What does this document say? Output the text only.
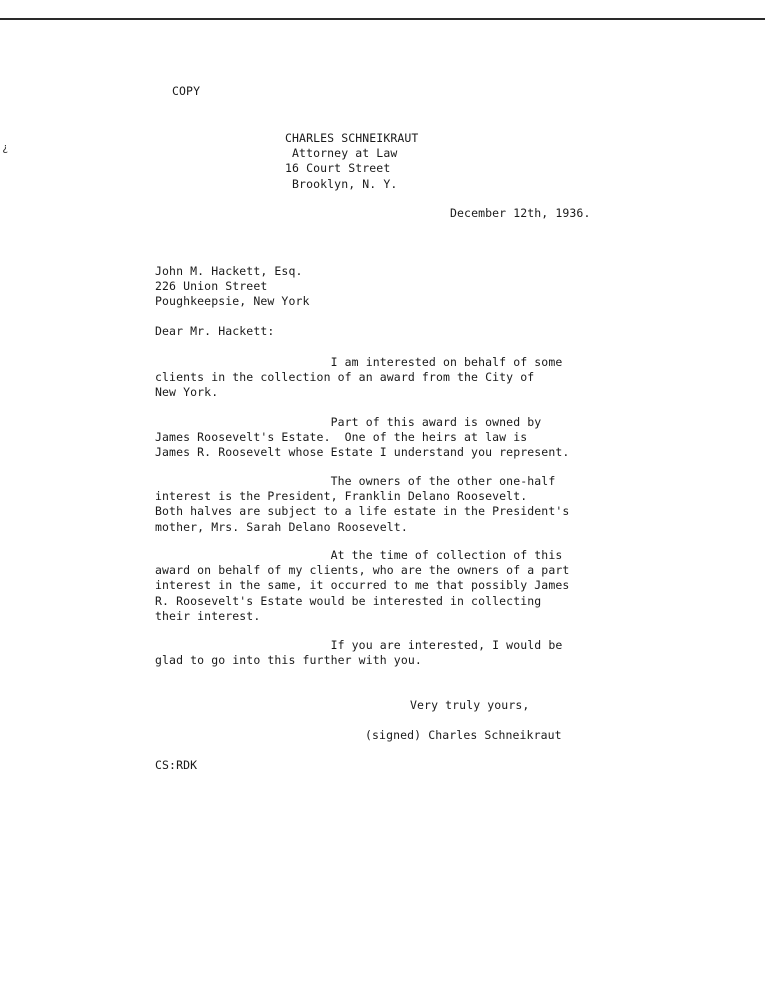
¿
COPY
CHARLES SCHNEIKRAUT
Attorney at Law
16 Court Street
Brooklyn, N. Y.
December 12th, 1936.
John M. Hackett, Esq.
226 Union Street
Poughkeepsie, New York
Dear Mr. Hackett:
I am interested on behalf of some
clients in the collection of an award from the City of
New York.
Part of this award is owned by
James Roosevelt's Estate.  One of the heirs at law is
James R. Roosevelt whose Estate I understand you represent.
The owners of the other one-half
interest is the President, Franklin Delano Roosevelt.
Both halves are subject to a life estate in the President's
mother, Mrs. Sarah Delano Roosevelt.
At the time of collection of this
award on behalf of my clients, who are the owners of a part
interest in the same, it occurred to me that possibly James
R. Roosevelt's Estate would be interested in collecting
their interest.
If you are interested, I would be
glad to go into this further with you.
Very truly yours,
(signed) Charles Schneikraut
CS:RDK
